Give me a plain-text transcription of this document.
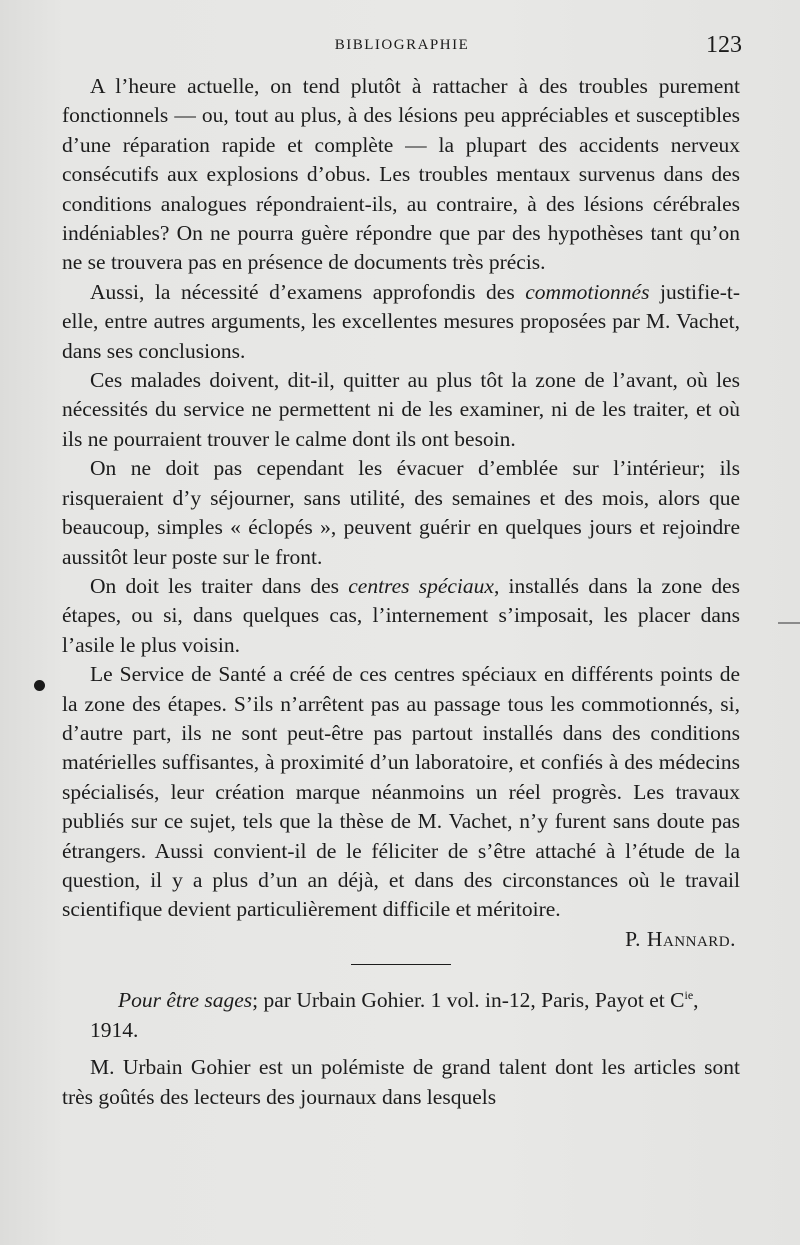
BIBLIOGRAPHIE	123

A l’heure actuelle, on tend plutôt à rattacher à des troubles purement fonctionnels — ou, tout au plus, à des lésions peu appréciables et susceptibles d’une réparation rapide et complète — la plupart des accidents nerveux consécutifs aux explosions d’obus. Les troubles mentaux survenus dans des conditions analogues répondraient-ils, au contraire, à des lésions cérébrales indéniables? On ne pourra guère répondre que par des hypothèses tant qu’on ne se trouvera pas en présence de documents très précis.

Aussi, la nécessité d’examens approfondis des commotionnés justifie-t-elle, entre autres arguments, les excellentes mesures proposées par M. Vachet, dans ses conclusions.

Ces malades doivent, dit-il, quitter au plus tôt la zone de l’avant, où les nécessités du service ne permettent ni de les examiner, ni de les traiter, et où ils ne pourraient trouver le calme dont ils ont besoin.

On ne doit pas cependant les évacuer d’emblée sur l’intérieur; ils risqueraient d’y séjourner, sans utilité, des semaines et des mois, alors que beaucoup, simples « éclopés », peuvent guérir en quelques jours et rejoindre aussitôt leur poste sur le front.

On doit les traiter dans des centres spéciaux, installés dans la zone des étapes, ou si, dans quelques cas, l’internement s’imposait, les placer dans l’asile le plus voisin.

Le Service de Santé a créé de ces centres spéciaux en différents points de la zone des étapes. S’ils n’arrêtent pas au passage tous les commotionnés, si, d’autre part, ils ne sont peut-être pas partout installés dans des conditions matérielles suffisantes, à proximité d’un laboratoire, et confiés à des médecins spécialisés, leur création marque néanmoins un réel progrès. Les travaux publiés sur ce sujet, tels que la thèse de M. Vachet, n’y furent sans doute pas étrangers. Aussi convient-il de le féliciter de s’être attaché à l’étude de la question, il y a plus d’un an déjà, et dans des circonstances où le travail scientifique devient particulièrement difficile et méritoire.

P. Hannard.

Pour être sages; par Urbain Gohier. 1 vol. in-12, Paris, Payot et $C^{ie}$, 1914.

M. Urbain Gohier est un polémiste de grand talent dont les articles sont très goûtés des lecteurs des journaux dans lesquels
